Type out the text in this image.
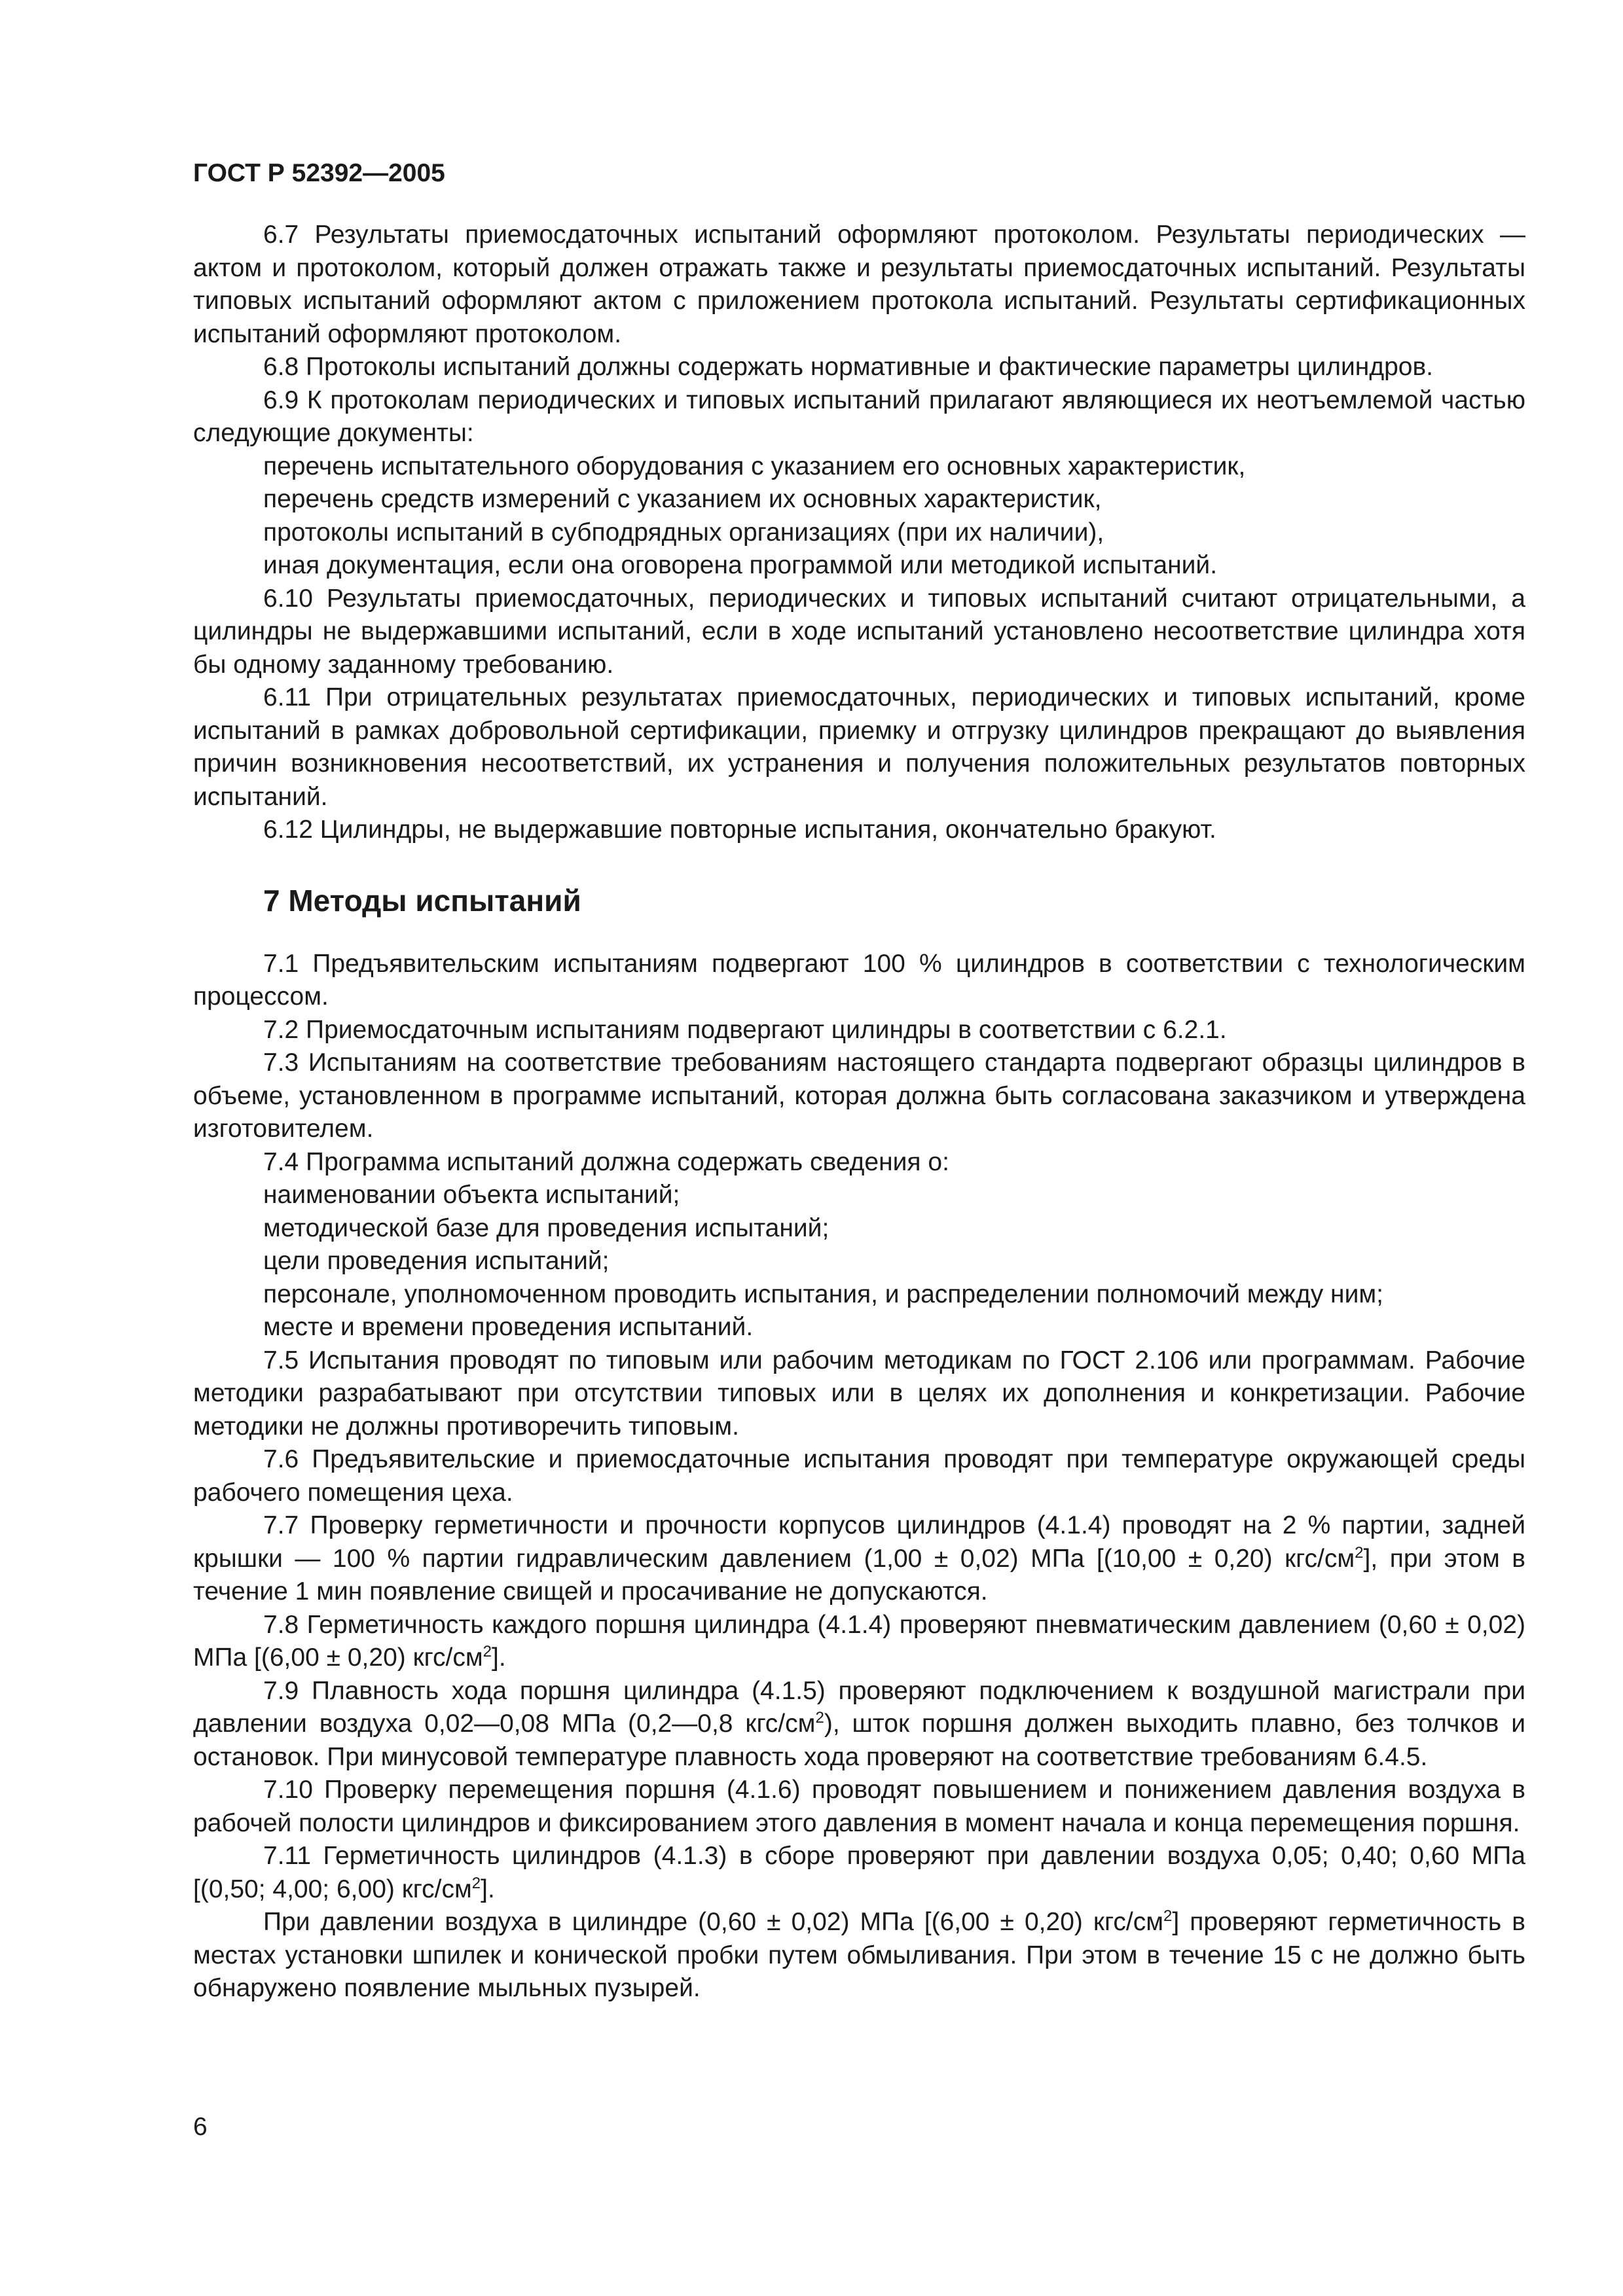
ГОСТ Р 52392—2005

6.7 Результаты приемосдаточных испытаний оформляют протоколом. Результаты периодических — актом и протоколом, который должен отражать также и результаты приемосдаточных испытаний. Результаты типовых испытаний оформляют актом с приложением протокола испытаний. Результаты сертификационных испытаний оформляют протоколом.

6.8 Протоколы испытаний должны содержать нормативные и фактические параметры цилиндров.

6.9 К протоколам периодических и типовых испытаний прилагают являющиеся их неотъемлемой частью следующие документы:

перечень испытательного оборудования с указанием его основных характеристик,

перечень средств измерений с указанием их основных характеристик,

протоколы испытаний в субподрядных организациях (при их наличии),

иная документация, если она оговорена программой или методикой испытаний.

6.10 Результаты приемосдаточных, периодических и типовых испытаний считают отрицательными, а цилиндры не выдержавшими испытаний, если в ходе испытаний установлено несоответствие цилиндра хотя бы одному заданному требованию.

6.11 При отрицательных результатах приемосдаточных, периодических и типовых испытаний, кроме испытаний в рамках добровольной сертификации, приемку и отгрузку цилиндров прекращают до выявления причин возникновения несоответствий, их устранения и получения положительных результатов повторных испытаний.

6.12 Цилиндры, не выдержавшие повторные испытания, окончательно бракуют.

7 Методы испытаний

7.1 Предъявительским испытаниям подвергают 100 % цилиндров в соответствии с технологическим процессом.

7.2 Приемосдаточным испытаниям подвергают цилиндры в соответствии с 6.2.1.

7.3 Испытаниям на соответствие требованиям настоящего стандарта подвергают образцы цилиндров в объеме, установленном в программе испытаний, которая должна быть согласована заказчиком и утверждена изготовителем.

7.4 Программа испытаний должна содержать сведения о:

наименовании объекта испытаний;

методической базе для проведения испытаний;

цели проведения испытаний;

персонале, уполномоченном проводить испытания, и распределении полномочий между ним;

месте и времени проведения испытаний.

7.5 Испытания проводят по типовым или рабочим методикам по ГОСТ 2.106 или программам. Рабочие методики разрабатывают при отсутствии типовых или в целях их дополнения и конкретизации. Рабочие методики не должны противоречить типовым.

7.6 Предъявительские и приемосдаточные испытания проводят при температуре окружающей среды рабочего помещения цеха.

7.7 Проверку герметичности и прочности корпусов цилиндров (4.1.4) проводят на 2 % партии, задней крышки — 100 % партии гидравлическим давлением (1,00 ± 0,02) МПа [(10,00 ± 0,20) кгс/$см^2$], при этом в течение 1 мин появление свищей и просачивание не допускаются.

7.8 Герметичность каждого поршня цилиндра (4.1.4) проверяют пневматическим давлением (0,60 ± 0,02) МПа [(6,00 ± 0,20) кгс/$см^2$].

7.9 Плавность хода поршня цилиндра (4.1.5) проверяют подключением к воздушной магистрали при давлении воздуха 0,02—0,08 МПа (0,2—0,8 кгс/$см^2$), шток поршня должен выходить плавно, без толчков и остановок. При минусовой температуре плавность хода проверяют на соответствие требованиям 6.4.5.

7.10 Проверку перемещения поршня (4.1.6) проводят повышением и понижением давления воздуха в рабочей полости цилиндров и фиксированием этого давления в момент начала и конца перемещения поршня.

7.11 Герметичность цилиндров (4.1.3) в сборе проверяют при давлении воздуха 0,05; 0,40; 0,60 МПа [(0,50; 4,00; 6,00) кгс/$см^2$].

При давлении воздуха в цилиндре (0,60 ± 0,02) МПа [(6,00 ± 0,20) кгс/$см^2$] проверяют герметичность в местах установки шпилек и конической пробки путем обмыливания. При этом в течение 15 с не должно быть обнаружено появление мыльных пузырей.

6
